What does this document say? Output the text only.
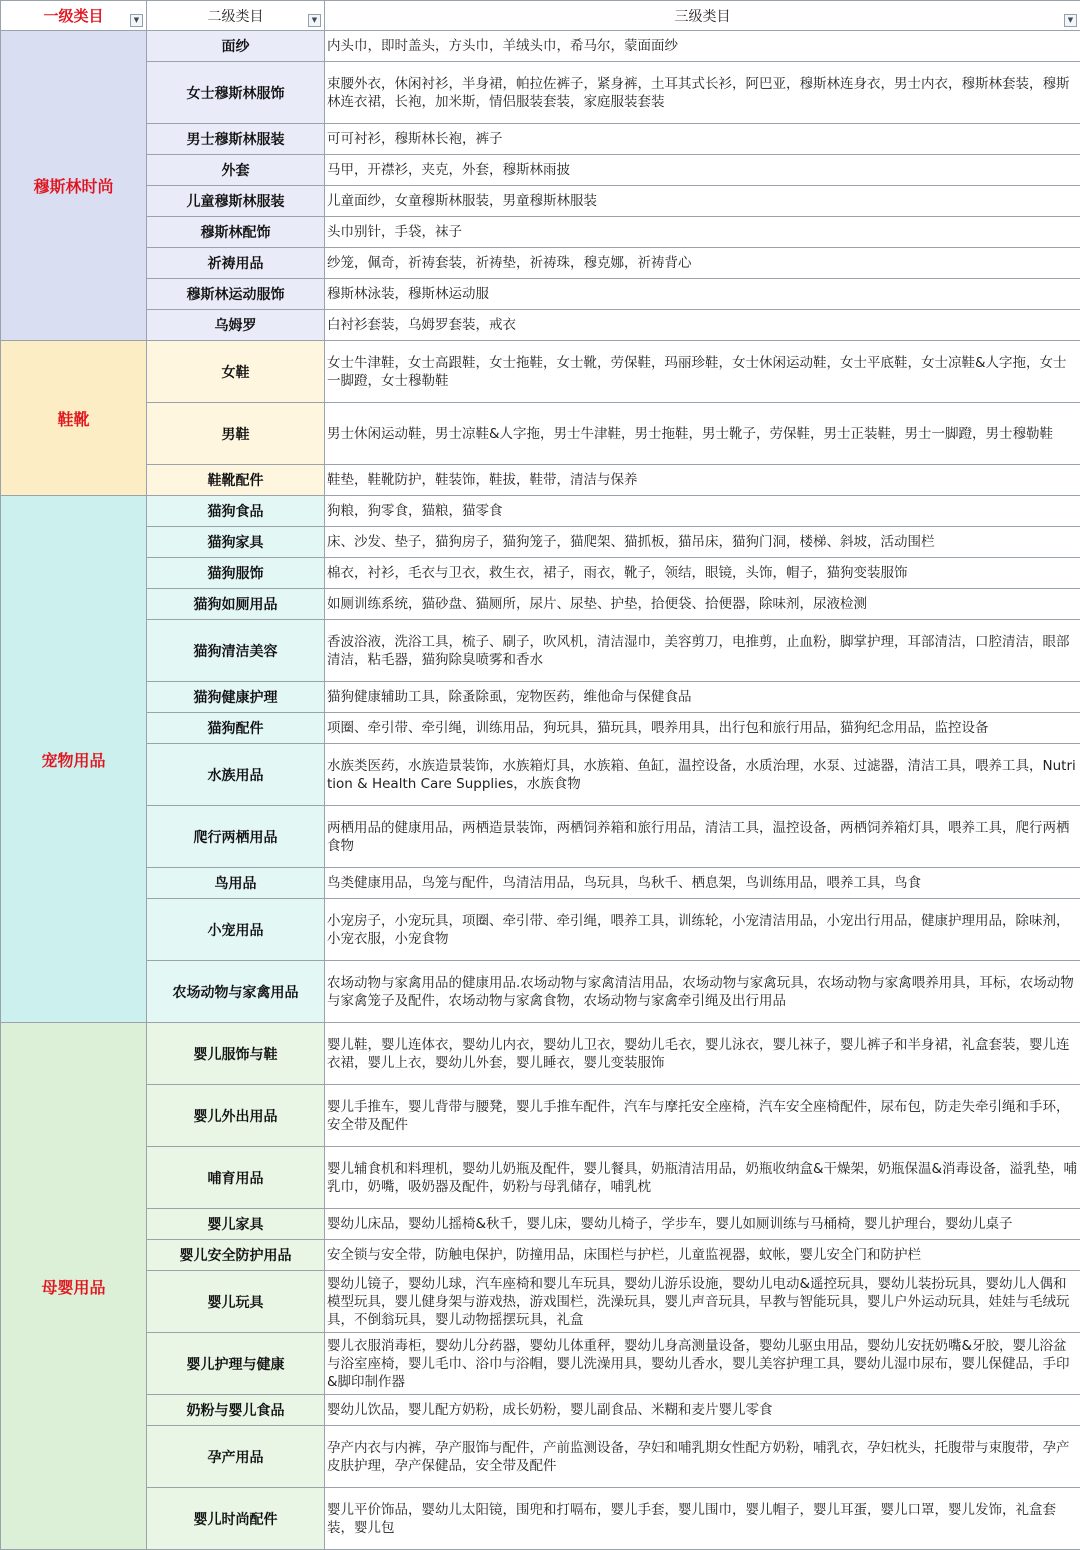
一级类目 ▼	二级类目 ▼	三级类目 ▼

穆斯林时尚	面纱	内头巾，即时盖头，方头巾，羊绒头巾，希马尔，蒙面面纱
	女士穆斯林服饰	束腰外衣，休闲衬衫，半身裙，帕拉佐裤子，紧身裤，土耳其式长衫，阿巴亚，穆斯林连身衣，男士内衣，穆斯林套装，穆斯林连衣裙，长袍，加米斯，情侣服装套装，家庭服装套装
	男士穆斯林服装	可可衬衫，穆斯林长袍，裤子
	外套	马甲，开襟衫，夹克，外套，穆斯林雨披
	儿童穆斯林服装	儿童面纱，女童穆斯林服装，男童穆斯林服装
	穆斯林配饰	头巾别针，手袋，袜子
	祈祷用品	纱笼，佩奇，祈祷套装，祈祷垫，祈祷珠，穆克娜，祈祷背心
	穆斯林运动服饰	穆斯林泳装，穆斯林运动服
	乌姆罗	白衬衫套装，乌姆罗套装，戒衣
鞋靴	女鞋	女士牛津鞋，女士高跟鞋，女士拖鞋，女士靴，劳保鞋，玛丽珍鞋，女士休闲运动鞋，女士平底鞋，女士凉鞋&人字拖，女士一脚蹬，女士穆勒鞋
	男鞋	男士休闲运动鞋，男士凉鞋&人字拖，男士牛津鞋，男士拖鞋，男士靴子，劳保鞋，男士正装鞋，男士一脚蹬，男士穆勒鞋
	鞋靴配件	鞋垫，鞋靴防护，鞋装饰，鞋拔，鞋带，清洁与保养
宠物用品	猫狗食品	狗粮，狗零食，猫粮，猫零食
	猫狗家具	床、沙发、垫子，猫狗房子，猫狗笼子，猫爬架、猫抓板，猫吊床，猫狗门洞，楼梯、斜坡，活动围栏
	猫狗服饰	棉衣，衬衫，毛衣与卫衣，救生衣，裙子，雨衣，靴子，领结，眼镜，头饰，帽子，猫狗变装服饰
	猫狗如厕用品	如厕训练系统，猫砂盘、猫厕所，尿片、尿垫、护垫，拾便袋、拾便器，除味剂，尿液检测
	猫狗清洁美容	香波浴液，洗浴工具，梳子、刷子，吹风机，清洁湿巾，美容剪刀，电推剪，止血粉，脚掌护理，耳部清洁，口腔清洁，眼部清洁，粘毛器，猫狗除臭喷雾和香水
	猫狗健康护理	猫狗健康辅助工具，除蚤除虱，宠物医药，维他命与保健食品
	猫狗配件	项圈、牵引带、牵引绳，训练用品，狗玩具，猫玩具，喂养用具，出行包和旅行用品，猫狗纪念用品，监控设备
	水族用品	水族类医药，水族造景装饰，水族箱灯具，水族箱、鱼缸，温控设备，水质治理，水泵、过滤器，清洁工具，喂养工具，Nutrition & Health Care Supplies，水族食物
	爬行两栖用品	两栖用品的健康用品，两栖造景装饰，两栖饲养箱和旅行用品，清洁工具，温控设备，两栖饲养箱灯具，喂养工具，爬行两栖食物
	鸟用品	鸟类健康用品，鸟笼与配件，鸟清洁用品，鸟玩具，鸟秋千、栖息架，鸟训练用品，喂养工具，鸟食
	小宠用品	小宠房子，小宠玩具，项圈、牵引带、牵引绳，喂养工具，训练轮，小宠清洁用品，小宠出行用品，健康护理用品，除味剂，小宠衣服，小宠食物
	农场动物与家禽用品	农场动物与家禽用品的健康用品.农场动物与家禽清洁用品，农场动物与家禽玩具，农场动物与家禽喂养用具，耳标，农场动物与家禽笼子及配件，农场动物与家禽食物，农场动物与家禽牵引绳及出行用品
母婴用品	婴儿服饰与鞋	婴儿鞋，婴儿连体衣，婴幼儿内衣，婴幼儿卫衣，婴幼儿毛衣，婴儿泳衣，婴儿袜子，婴儿裤子和半身裙，礼盒套装，婴儿连衣裙，婴儿上衣，婴幼儿外套，婴儿睡衣，婴儿变装服饰
	婴儿外出用品	婴儿手推车，婴儿背带与腰凳，婴儿手推车配件，汽车与摩托安全座椅，汽车安全座椅配件，尿布包，防走失牵引绳和手环，安全带及配件
	哺育用品	婴儿辅食机和料理机，婴幼儿奶瓶及配件，婴儿餐具，奶瓶清洁用品，奶瓶收纳盒&干燥架，奶瓶保温&消毒设备，溢乳垫，哺乳巾，奶嘴，吸奶器及配件，奶粉与母乳储存，哺乳枕
	婴儿家具	婴幼儿床品，婴幼儿摇椅&秋千，婴儿床，婴幼儿椅子，学步车，婴儿如厕训练与马桶椅，婴儿护理台，婴幼儿桌子
	婴儿安全防护用品	安全锁与安全带，防触电保护，防撞用品，床围栏与护栏，儿童监视器，蚊帐，婴儿安全门和防护栏
	婴儿玩具	婴幼儿镜子，婴幼儿球，汽车座椅和婴儿车玩具，婴幼儿游乐设施，婴幼儿电动&遥控玩具，婴幼儿装扮玩具，婴幼儿人偶和模型玩具，婴儿健身架与游戏热，游戏围栏，洗澡玩具，婴儿声音玩具，早教与智能玩具，婴儿户外运动玩具，娃娃与毛绒玩具，不倒翁玩具，婴儿动物摇摆玩具，礼盒
	婴儿护理与健康	婴儿衣服消毒柜，婴幼儿分药器，婴幼儿体重秤，婴幼儿身高测量设备，婴幼儿驱虫用品，婴幼儿安抚奶嘴&牙胶，婴儿浴盆与浴室座椅，婴儿毛巾、浴巾与浴帽，婴儿洗澡用具，婴幼儿香水，婴儿美容护理工具，婴幼儿湿巾尿布，婴儿保健品，手印&脚印制作器
	奶粉与婴儿食品	婴幼儿饮品，婴儿配方奶粉，成长奶粉，婴儿副食品、米糊和麦片婴儿零食
	孕产用品	孕产内衣与内裤，孕产服饰与配件，产前监测设备，孕妇和哺乳期女性配方奶粉，哺乳衣，孕妇枕头，托腹带与束腹带，孕产皮肤护理，孕产保健品，安全带及配件
	婴儿时尚配件	婴儿平价饰品，婴幼儿太阳镜，围兜和打嗝布，婴儿手套，婴儿围巾，婴儿帽子，婴儿耳蛋，婴儿口罩，婴儿发饰，礼盒套装，婴儿包
